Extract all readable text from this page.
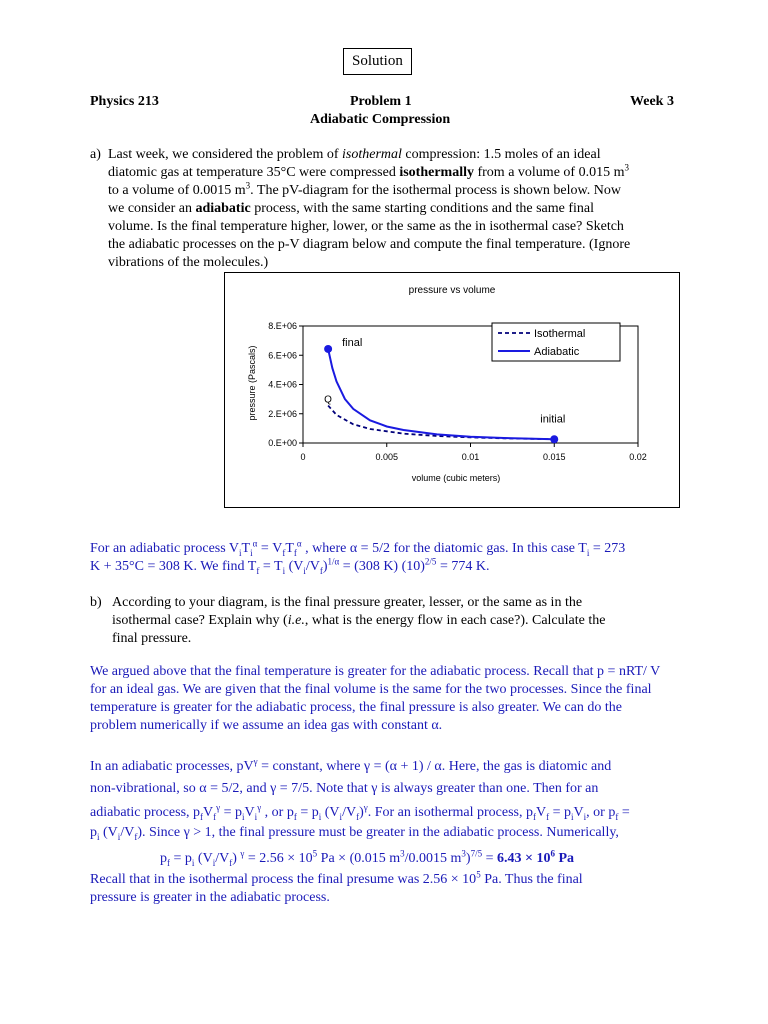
Solution
Physics 213	Problem 1	Week 3
Adiabatic Compression
a) Last week, we considered the problem of isothermal compression: 1.5 moles of an ideal
diatomic gas at temperature 35°C were compressed isothermally from a volume of 0.015 $m^3$
to a volume of 0.0015 $m^3$. The pV-diagram for the isothermal process is shown below. Now
we consider an adiabatic process, with the same starting conditions and the same final
volume. Is the final temperature higher, lower, or the same as the in isothermal case? Sketch
the adiabatic processes on the p-V diagram below and compute the final temperature. (Ignore
vibrations of the molecules.)
pressure vs volume
pressure (Pascals)
volume (cubic meters)
0.E+00
2.E+06
4.E+06
6.E+06
8.E+06
0	0.005	0.01	0.015	0.02
final
initial
Q
Isothermal
Adiabatic
For an adiabatic process $V_iT_i^\alpha = V_fT_f^\alpha$ , where α = 5/2 for the diatomic gas. In this case $T_i = 273$
K + 35°C = 308 K. We find $T_f = T_i$ $(V_i/V_f)^{1/\alpha} = (308$ K) $(10)^{2/5} = 774$ K.
b) According to your diagram, is the final pressure greater, lesser, or the same as in the
isothermal case? Explain why (i.e., what is the energy flow in each case?). Calculate the
final pressure.
We argued above that the final temperature is greater for the adiabatic process. Recall that p = nRT/ V
for an ideal gas. We are given that the final volume is the same for the two processes. Since the final
temperature is greater for the adiabatic process, the final pressure is also greater. We can do the
problem numerically if we assume an idea gas with constant α.
In an adiabatic processes, $pV^\gamma$ = constant, where γ = (α + 1) / α. Here, the gas is diatomic and
non-vibrational, so α = 5/2, and γ = 7/5. Note that γ is always greater than one. Then for an
adiabatic process, $p_fV_f^\gamma = p_iV_i^\gamma$ , or $p_f = p_i$ $(V_i/V_f)^\gamma$. For an isothermal process, $p_fV_f = p_iV_i$, or $p_f$ =
$p_i$ $(V_i/V_f)$. Since γ > 1, the final pressure must be greater in the adiabatic process. Numerically,
$p_f = p_i$ $(V_i/V_f) ^\gamma = 2.56 \times 10^5$ Pa × (0.015 $m^3/0.0015$ $m^3)^{7/5} = 6.43 \times 10^6$ Pa
Recall that in the isothermal process the final presume was $2.56 \times 10^5$ Pa. Thus the final
pressure is greater in the adiabatic process.
